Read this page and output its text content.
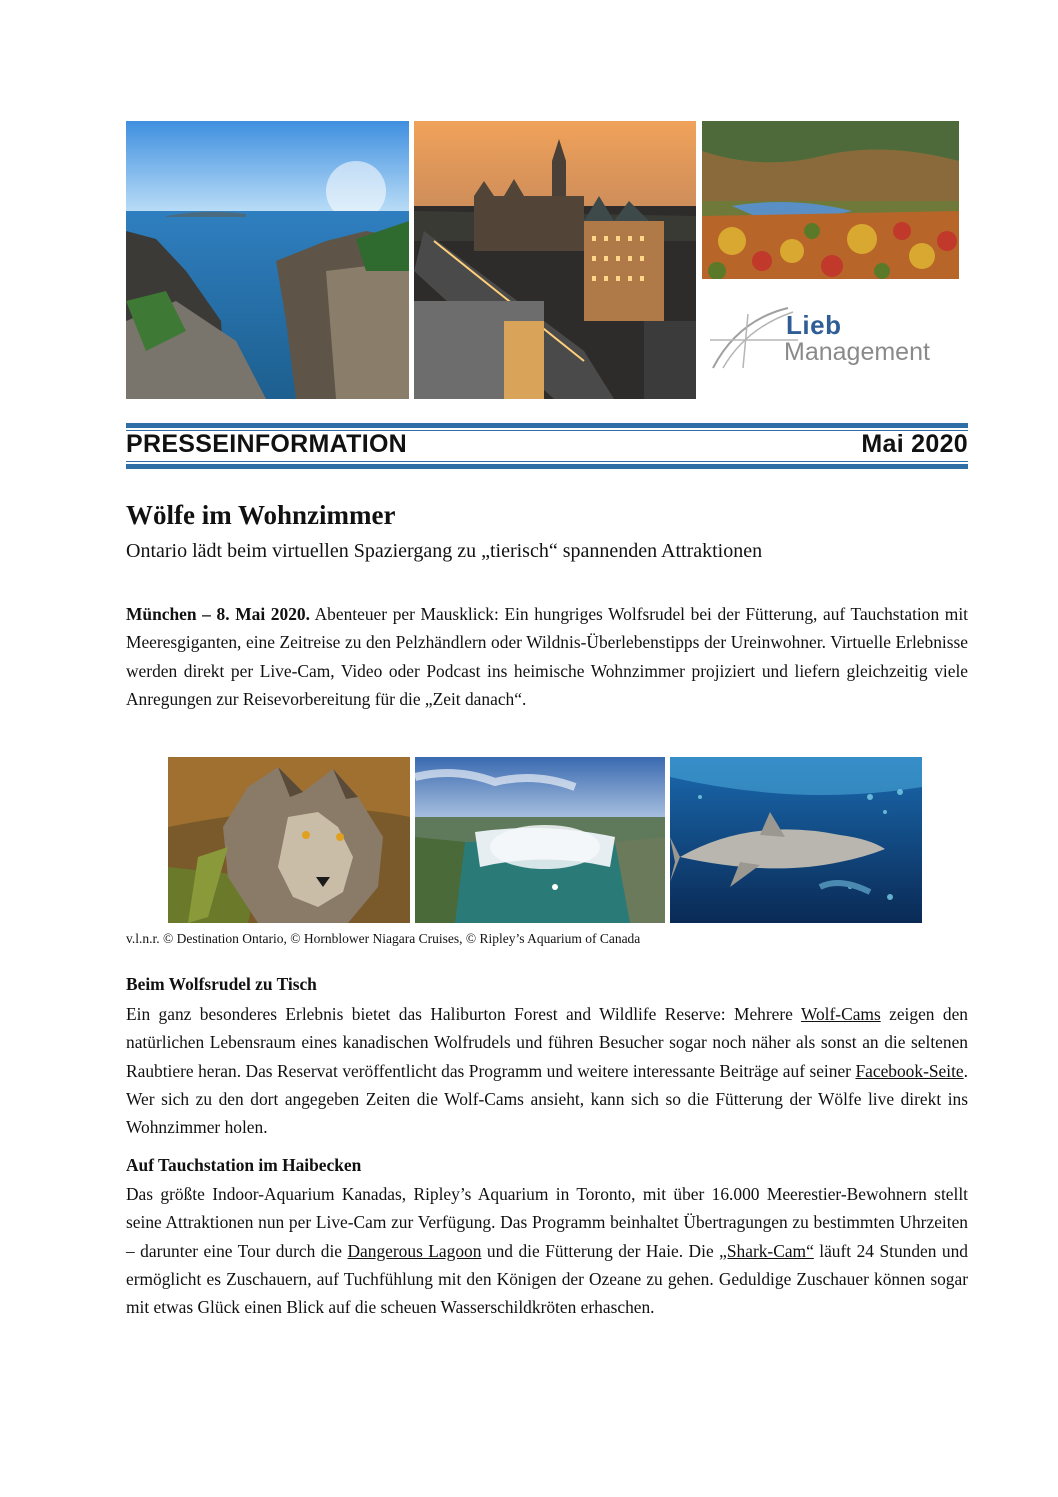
Lieb
Management
PRESSEINFORMATION	Mai 2020
Wölfe im Wohnzimmer
Ontario lädt beim virtuellen Spaziergang zu „tierisch“ spannenden Attraktionen

München – 8. Mai 2020. Abenteuer per Mausklick: Ein hungriges Wolfsrudel bei der Fütterung, auf Tauchstation mit Meeresgiganten, eine Zeitreise zu den Pelzhändlern oder Wildnis-Überlebenstipps der Ureinwohner. Virtuelle Erlebnisse werden direkt per Live-Cam, Video oder Podcast ins heimische Wohnzimmer projiziert und liefern gleichzeitig viele Anregungen zur Reisevorbereitung für die „Zeit danach“.

v.l.n.r. © Destination Ontario, © Hornblower Niagara Cruises, © Ripley’s Aquarium of Canada
Beim Wolfsrudel zu Tisch

Ein ganz besonderes Erlebnis bietet das Haliburton Forest and Wildlife Reserve: Mehrere Wolf-Cams zeigen den natürlichen Lebensraum eines kanadischen Wolfrudels und führen Besucher sogar noch näher als sonst an die seltenen Raubtiere heran. Das Reservat veröffentlicht das Programm und weitere interessante Beiträge auf seiner Facebook-Seite. Wer sich zu den dort angegeben Zeiten die Wolf-Cams ansieht, kann sich so die Fütterung der Wölfe live direkt ins Wohnzimmer holen.

Auf Tauchstation im Haibecken

Das größte Indoor-Aquarium Kanadas, Ripley’s Aquarium in Toronto, mit über 16.000 Meerestier-Bewohnern stellt seine Attraktionen nun per Live-Cam zur Verfügung. Das Programm beinhaltet Übertragungen zu bestimmten Uhrzeiten – darunter eine Tour durch die Dangerous Lagoon und die Fütterung der Haie. Die „Shark-Cam“ läuft 24 Stunden und ermöglicht es Zuschauern, auf Tuchfühlung mit den Königen der Ozeane zu gehen. Geduldige Zuschauer können sogar mit etwas Glück einen Blick auf die scheuen Wasserschildkröten erhaschen.
